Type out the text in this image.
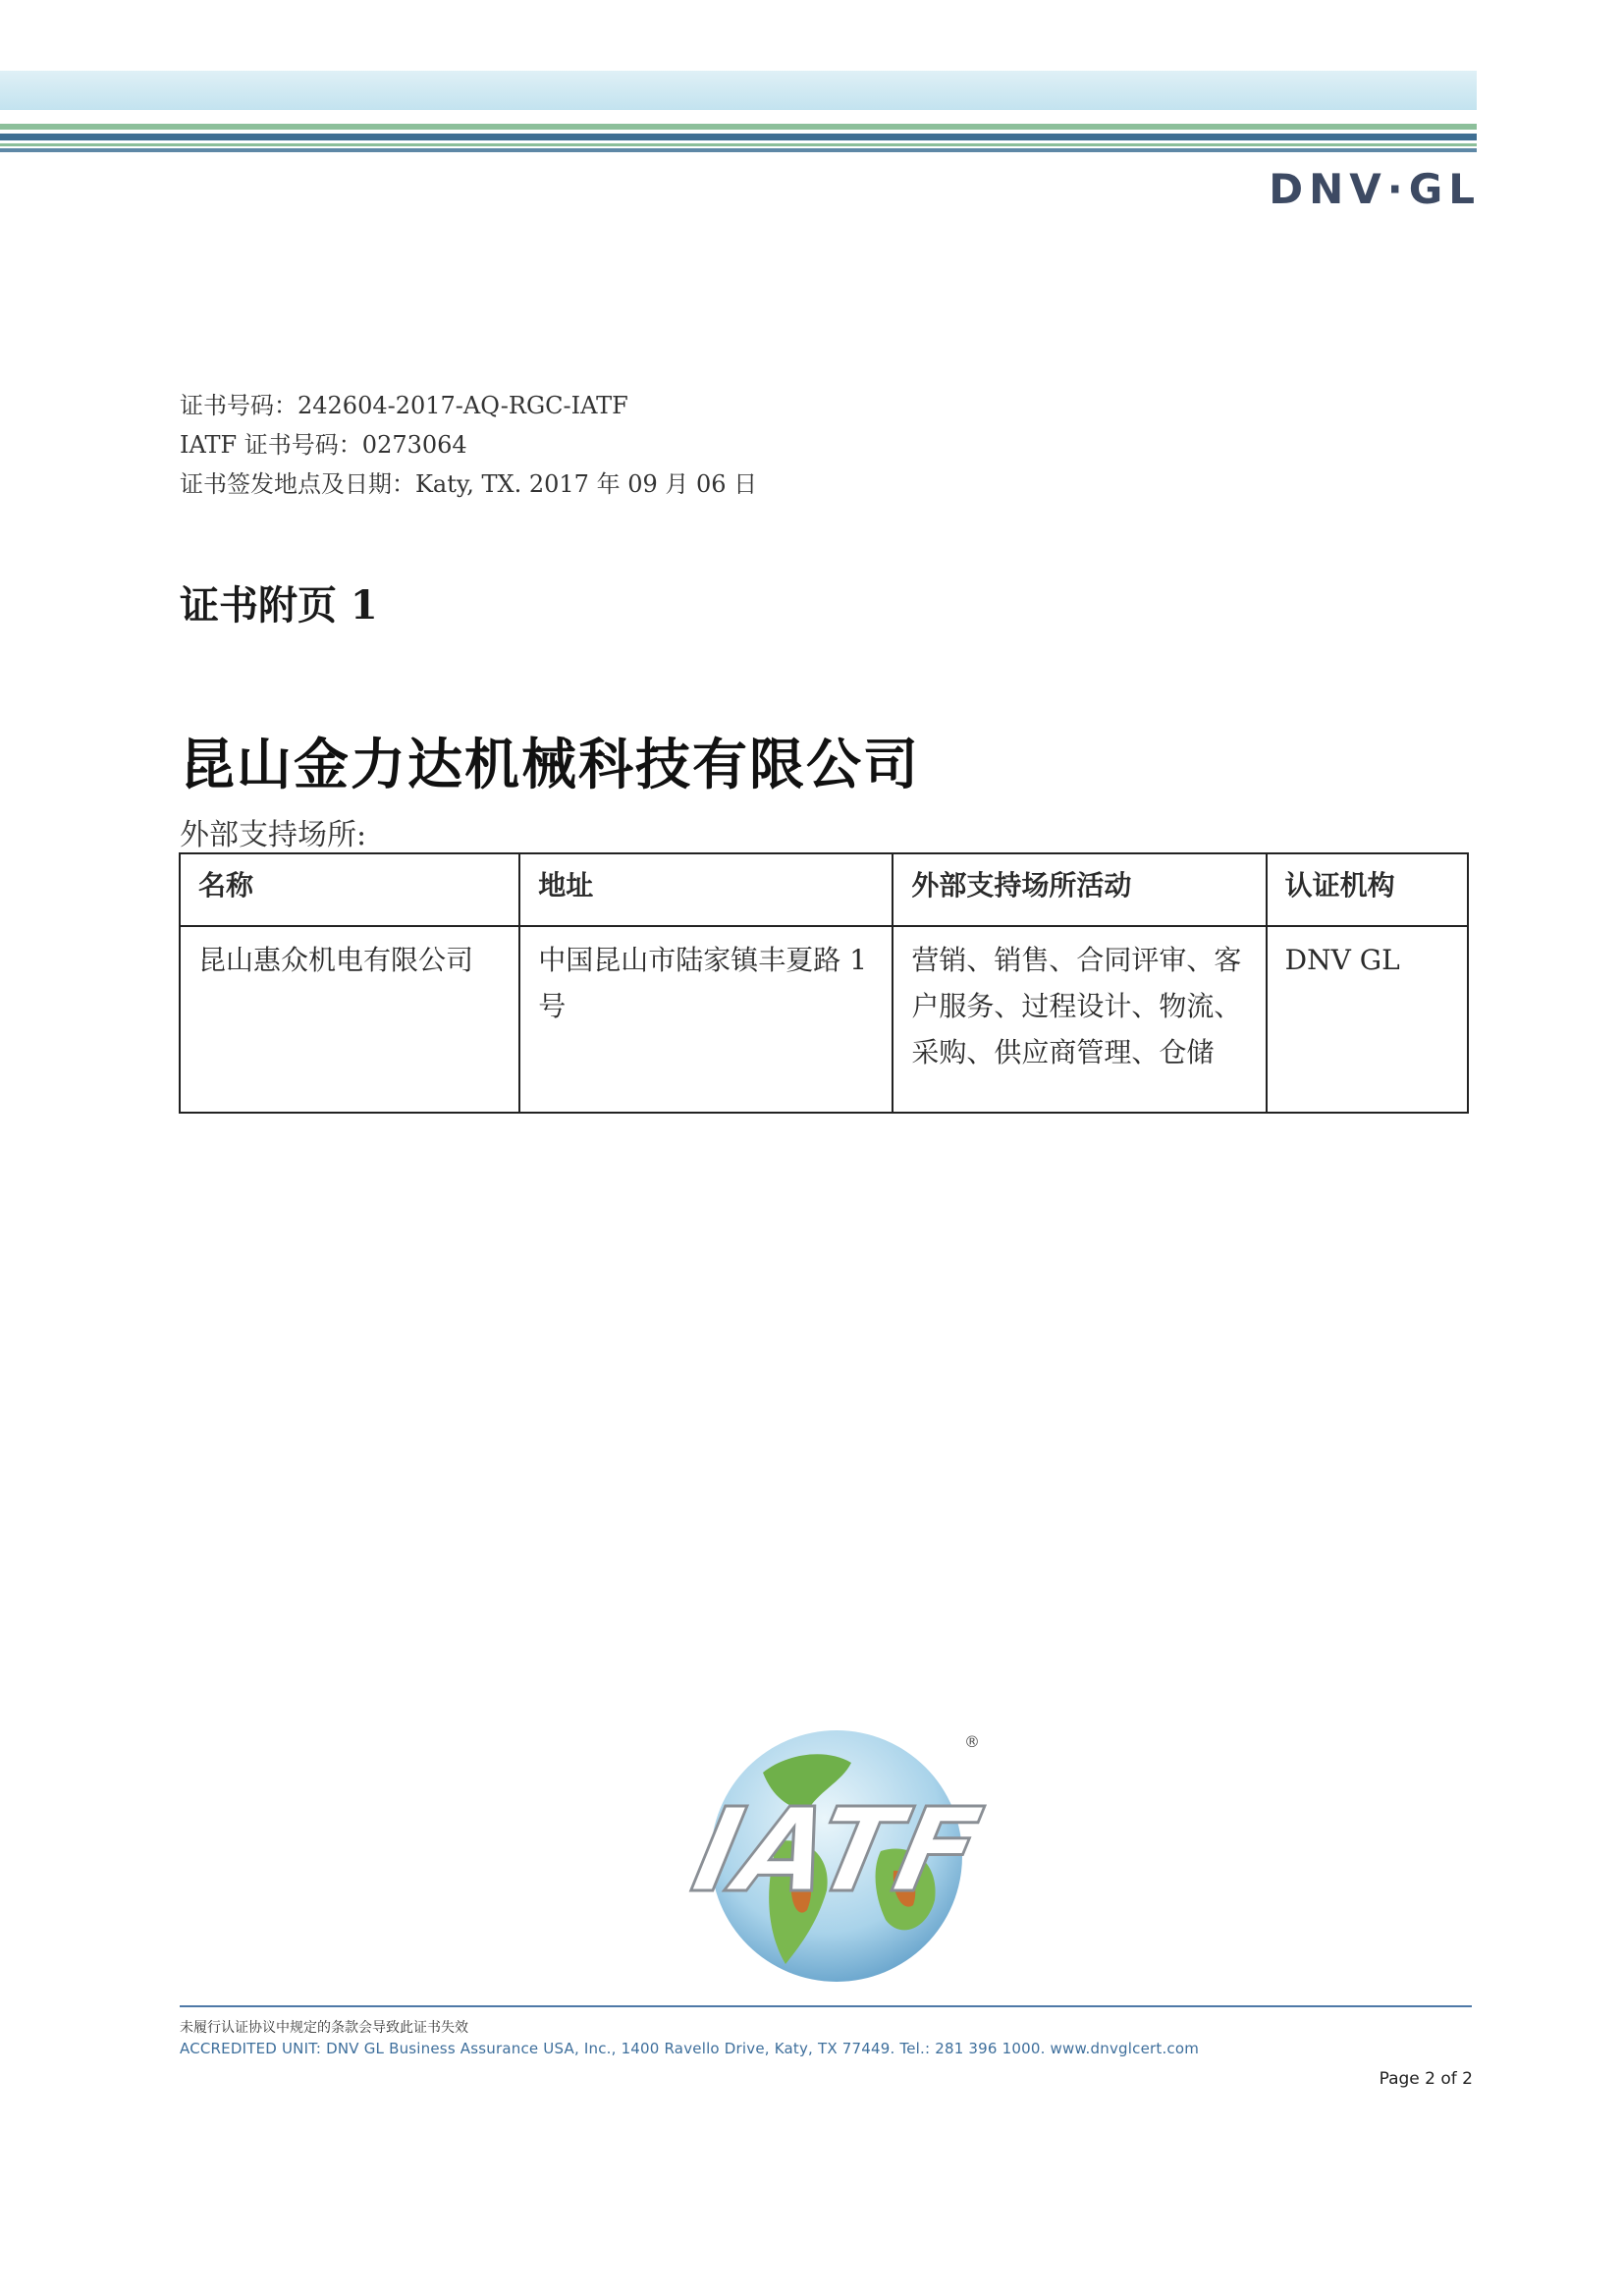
DNV·GL
证书号码：242604-2017-AQ-RGC-IATF
IATF 证书号码：0273064
证书签发地点及日期：Katy, TX. 2017 年 09 月 06 日
证书附页 1
昆山金力达机械科技有限公司
外部支持场所:
名称	地址	外部支持场所活动	认证机构
昆山惠众机电有限公司	中国昆山市陆家镇丰夏路 1 号	营销、销售、合同评审、客户服务、过程设计、物流、采购、供应商管理、仓储	DNV GL
IATF
®
未履行认证协议中规定的条款会导致此证书失效
ACCREDITED UNIT: DNV GL Business Assurance USA, Inc., 1400 Ravello Drive, Katy, TX 77449. Tel.: 281 396 1000. www.dnvglcert.com
Page 2 of 2
